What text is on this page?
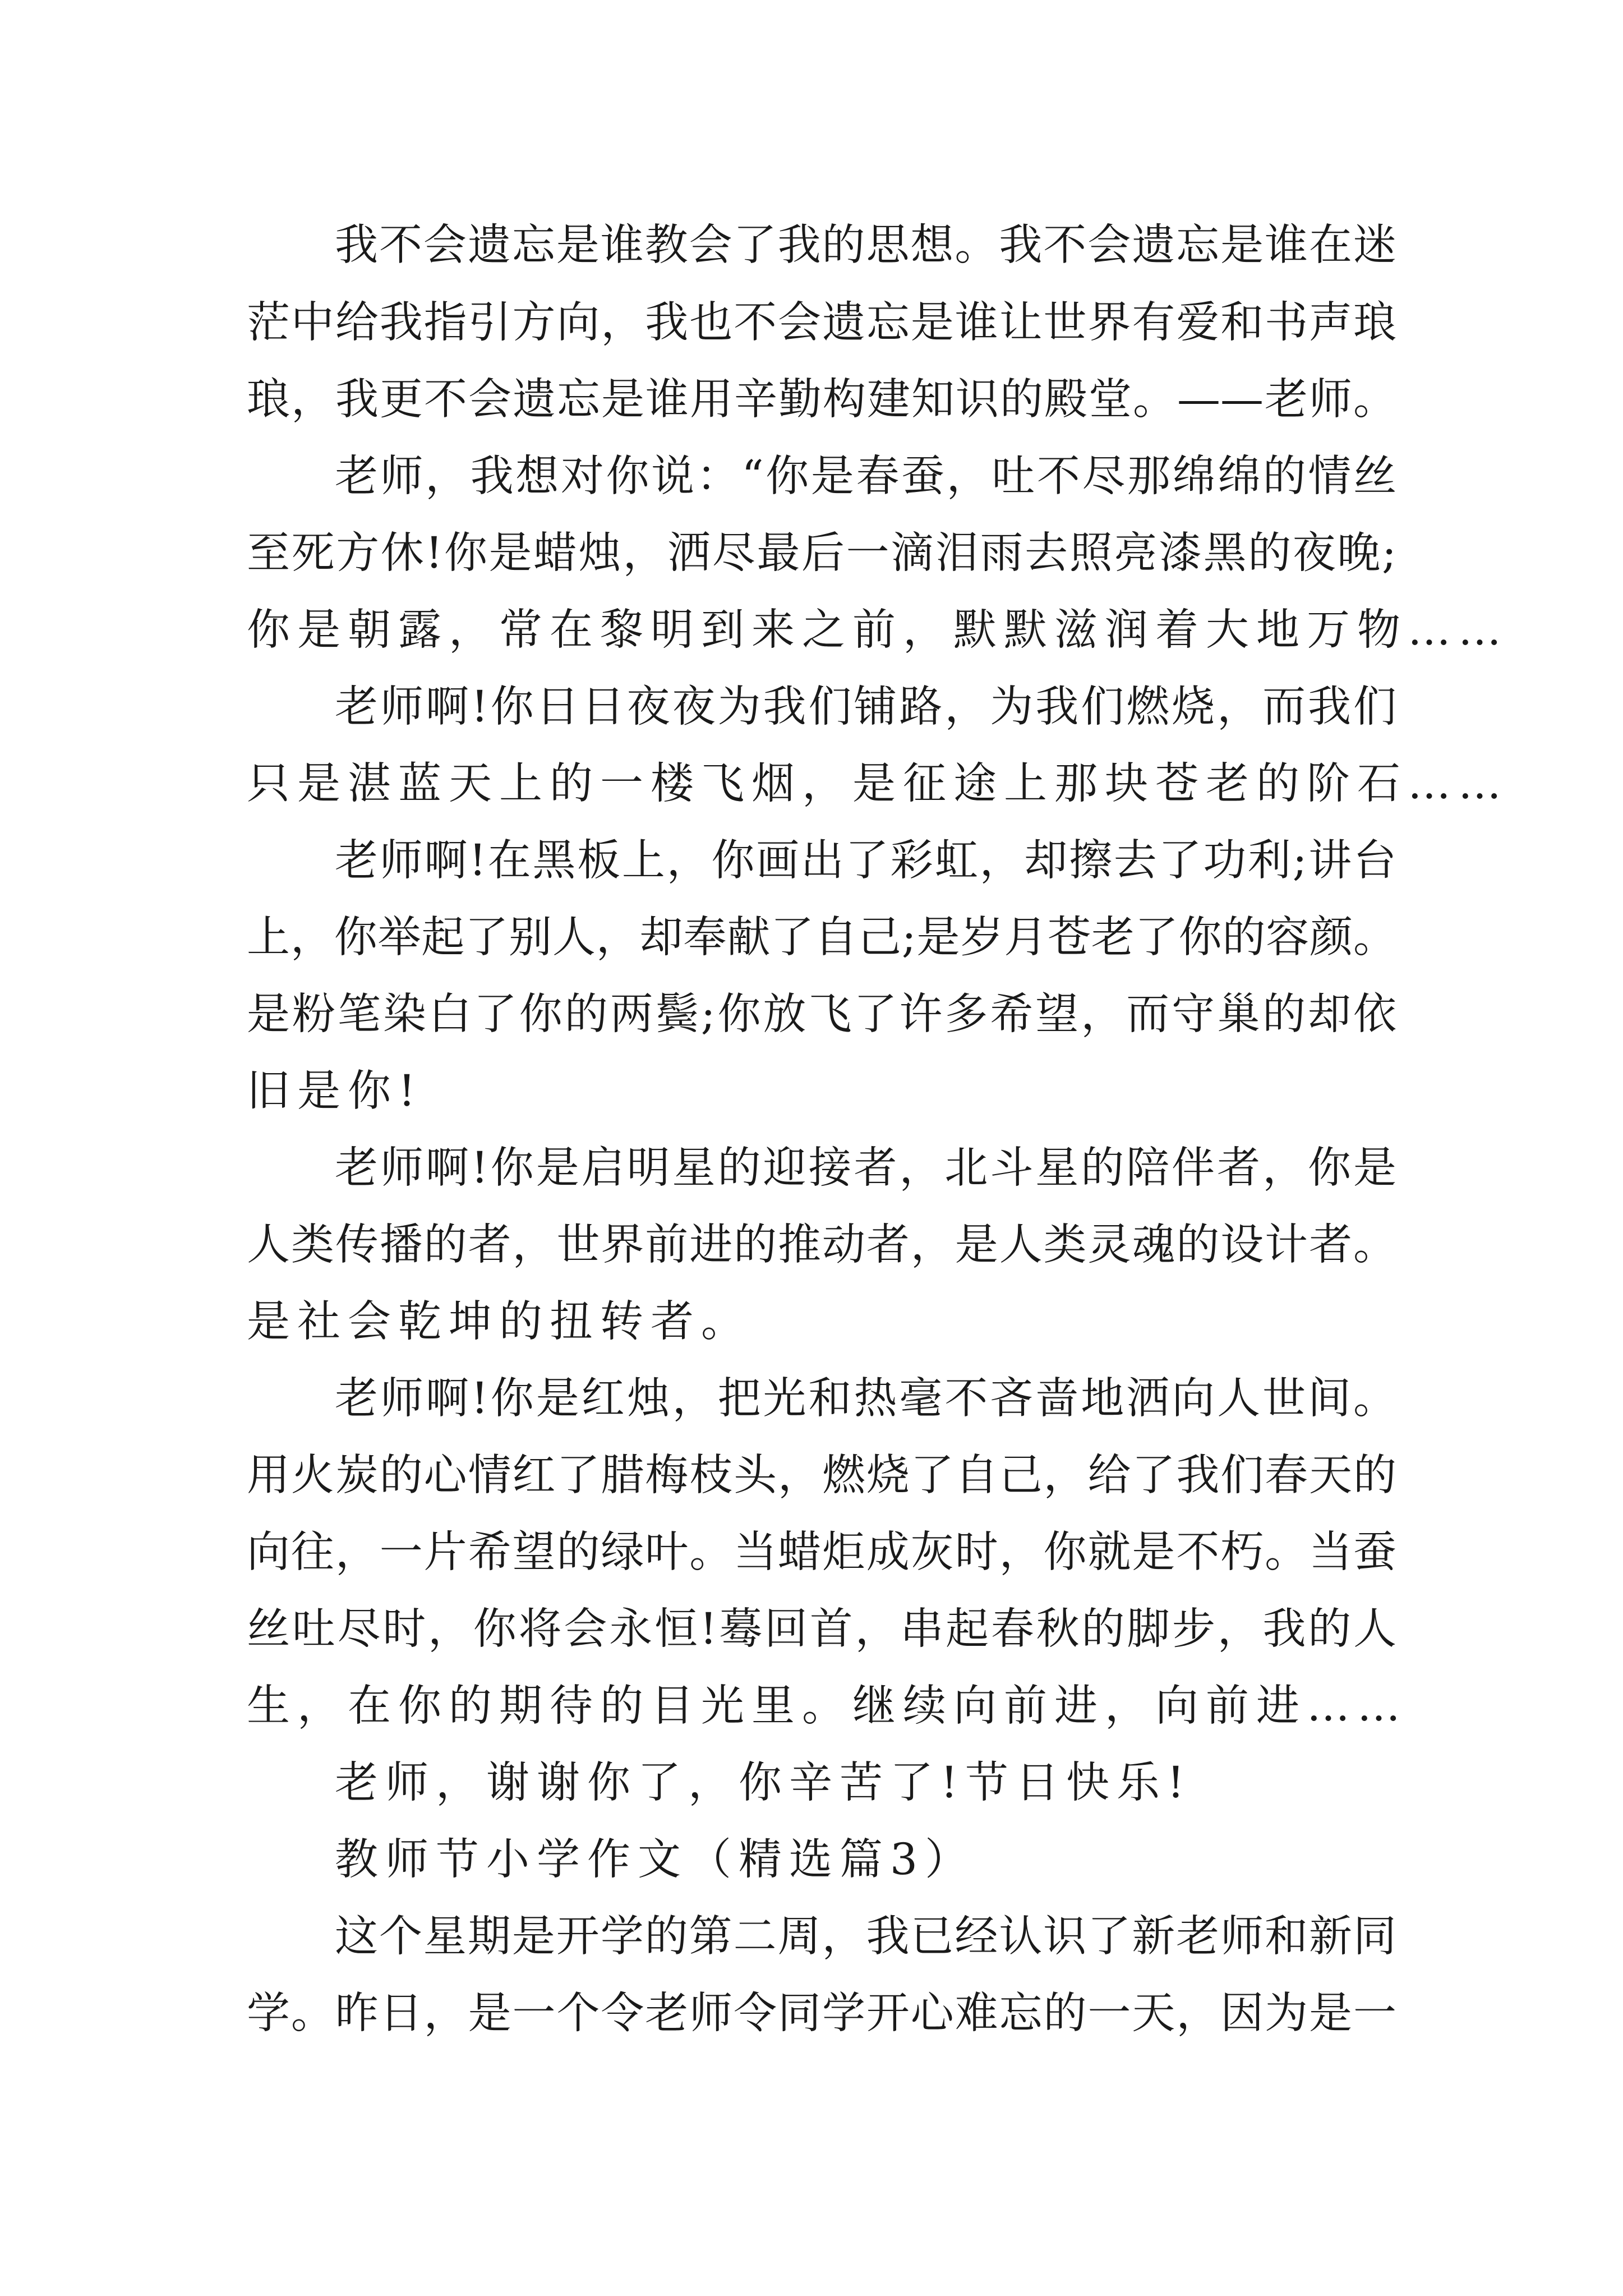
我不会遗忘是谁教会了我的思想。我不会遗忘是谁在迷
茫中给我指引方向，我也不会遗忘是谁让世界有爱和书声琅
琅，我更不会遗忘是谁用辛勤构建知识的殿堂。——老师。
老师，我想对你说：“你是春蚕，吐不尽那绵绵的情丝
至死方休!你是蜡烛，洒尽最后一滴泪雨去照亮漆黑的夜晚;
你是朝露，常在黎明到来之前，默默滋润着大地万物……
老师啊!你日日夜夜为我们铺路，为我们燃烧，而我们
只是湛蓝天上的一楼飞烟，是征途上那块苍老的阶石……
老师啊!在黑板上，你画出了彩虹，却擦去了功利;讲台
上，你举起了别人，却奉献了自己;是岁月苍老了你的容颜。
是粉笔染白了你的两鬓;你放飞了许多希望，而守巢的却依
旧是你!
老师啊!你是启明星的迎接者，北斗星的陪伴者，你是
人类传播的者，世界前进的推动者，是人类灵魂的设计者。
是社会乾坤的扭转者。
老师啊!你是红烛，把光和热毫不吝啬地洒向人世间。
用火炭的心情红了腊梅枝头，燃烧了自己，给了我们春天的
向往，一片希望的绿叶。当蜡炬成灰时，你就是不朽。当蚕
丝吐尽时，你将会永恒!蓦回首，串起春秋的脚步，我的人
生，在你的期待的目光里。继续向前进，向前进……
老师，谢谢你了，你辛苦了!节日快乐!
教师节小学作文（精选篇3）
这个星期是开学的第二周，我已经认识了新老师和新同
学。昨日，是一个令老师令同学开心难忘的一天，因为是一
